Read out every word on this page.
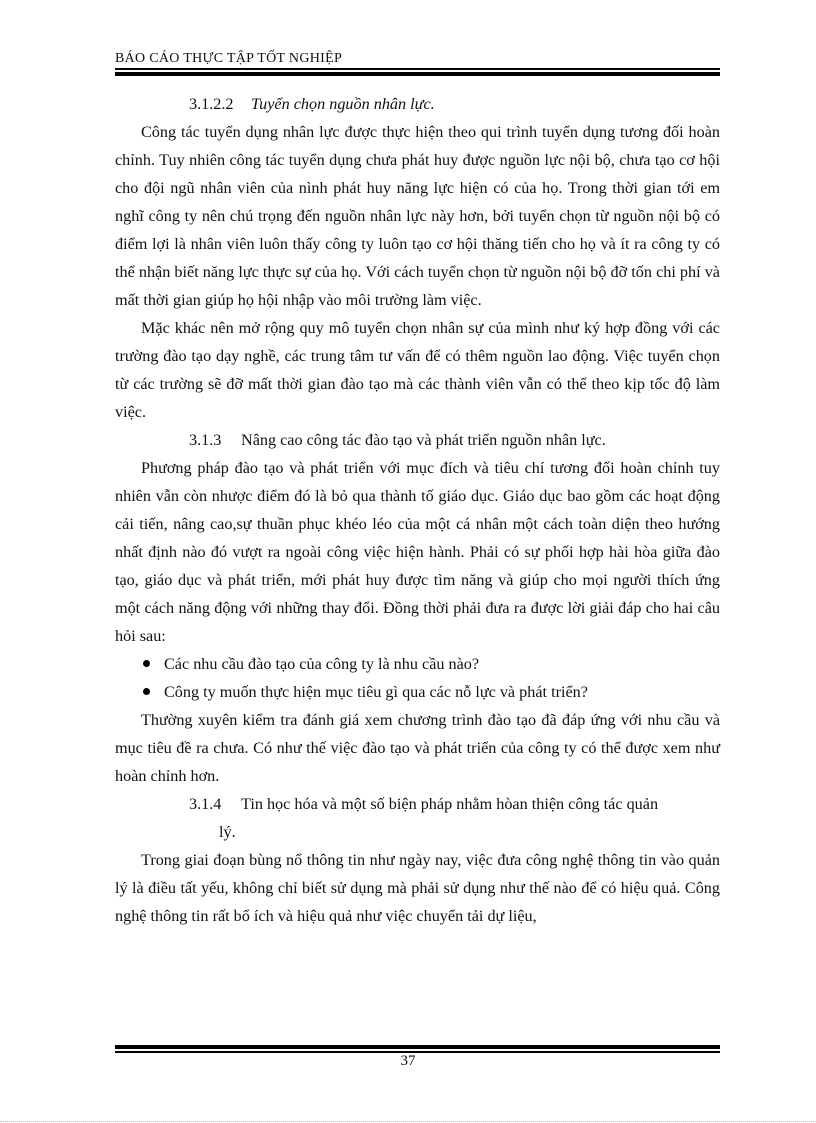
BÁO CÁO THỰC TẬP TỐT NGHIỆP
3.1.2.2 Tuyển chọn nguồn nhân lực.

Công tác tuyển dụng nhân lực được thực hiện theo qui trình tuyển dụng tương đối hoàn chỉnh. Tuy nhiên công tác tuyển dụng chưa phát huy được nguồn lực nội bộ, chưa tạo cơ hội cho đội ngũ nhân viên của nình phát huy năng lực hiện có của họ. Trong thời gian tới em nghĩ công ty nên chú trọng đến nguồn nhân lực này hơn, bởi tuyển chọn từ nguồn nội bộ có điểm lợi là nhân viên luôn thấy công ty luôn tạo cơ hội thăng tiến cho họ và ít ra công ty có thể nhận biết năng lực thực sự của họ. Với cách tuyển chọn từ nguồn nội bộ đỡ tốn chi phí và mất thời gian giúp họ hội nhập vào môi trường làm việc.

Mặc khác nên mở rộng quy mô tuyển chọn nhân sự của mình như ký hợp đồng với các trường đào tạo dạy nghề, các trung tâm tư vấn để có thêm nguồn lao động. Việc tuyển chọn từ các trường sẽ đỡ mất thời gian đào tạo mà các thành viên vẫn có thể theo kịp tốc độ làm việc.

3.1.3 Nâng cao công tác đào tạo và phát triển nguồn nhân lực.

Phương pháp đào tạo và phát triển với mục đích và tiêu chí tương đối hoàn chỉnh tuy nhiên vẫn còn nhược điểm đó là bỏ qua thành tố giáo dục. Giáo dục bao gồm các hoạt động cải tiến, nâng cao,sự thuần phục khéo léo của một cá nhân một cách toàn diện theo hướng nhất định nào đó vượt ra ngoài công việc hiện hành. Phải có sự phối hợp hài hòa giữa đào tạo, giáo dục và phát triển, mới phát huy được tìm năng và giúp cho mọi người thích ứng một cách năng động với những thay đổi. Đồng thời phải đưa ra được lời giải đáp cho hai câu hỏi sau:

Các nhu cầu đào tạo của công ty là nhu cầu nào?
Công ty muốn thực hiện mục tiêu gì qua các nỗ lực và phát triển?

Thường xuyên kiểm tra đánh giá xem chương trình đào tạo đã đáp ứng với nhu cầu và mục tiêu đề ra chưa. Có như thế việc đào tạo và phát triển của công ty có thể được xem như hoàn chỉnh hơn.

3.1.4 Tin học hóa và một số biện pháp nhằm hòan thiện công tác quản
lý.

Trong giai đoạn bùng nổ thông tin như ngày nay, việc đưa công nghệ thông tin vào quản lý là điều tất yếu, không chỉ biết sử dụng mà phải sử dụng như thế nào để có hiệu quả. Công nghệ thông tin rất bổ ích và hiệu quả như việc chuyển tải dự liệu,

37
